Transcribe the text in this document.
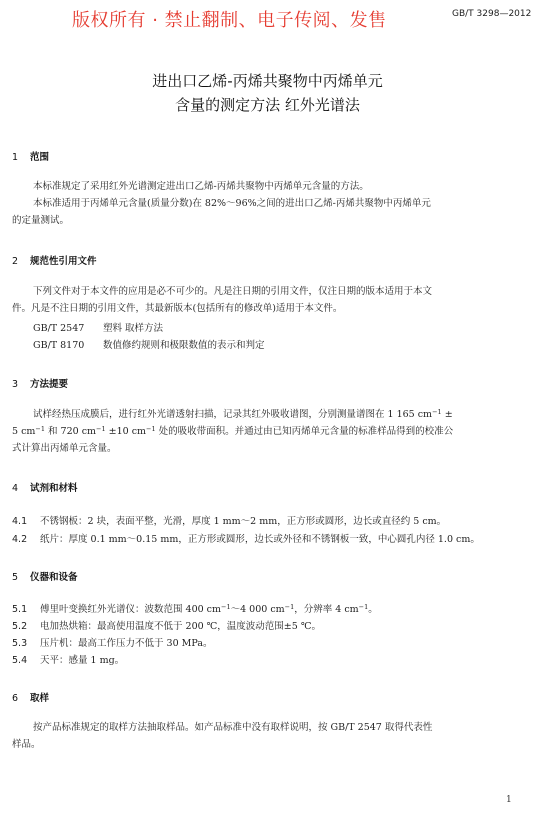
版权所有 · 禁止翻制、电子传阅、发售	GB/T 3298—2012
进出口乙烯-丙烯共聚物中丙烯单元
含量的测定方法 红外光谱法
1 范围
本标准规定了采用红外光谱测定进出口乙烯-丙烯共聚物中丙烯单元含量的方法。
本标准适用于丙烯单元含量(质量分数)在 82%～96%之间的进出口乙烯-丙烯共聚物中丙烯单元
的定量测试。
2 规范性引用文件
下列文件对于本文件的应用是必不可少的。凡是注日期的引用文件，仅注日期的版本适用于本文
件。凡是不注日期的引用文件，其最新版本(包括所有的修改单)适用于本文件。
GB/T 2547 塑料 取样方法
GB/T 8170 数值修约规则和极限数值的表示和判定
3 方法提要
试样经热压成膜后，进行红外光谱透射扫描，记录其红外吸收谱图，分别测量谱图在 1 165 $cm^{-1}$ ±
5 $cm^{-1}$ 和 720 $cm^{-1} \pm 10$ $cm^{-1}$ 处的吸收带面积。并通过由已知丙烯单元含量的标准样品得到的校准公
式计算出丙烯单元含量。
4 试剂和材料
4.1 不锈钢板：2 块，表面平整，光滑，厚度 1 mm～2 mm，正方形或圆形，边长或直径约 5 cm。
4.2 纸片：厚度 0.1 mm～0.15 mm，正方形或圆形，边长或外径和不锈钢板一致，中心圆孔内径 1.0 cm。
5 仪器和设备
5.1 傅里叶变换红外光谱仪：波数范围 400 $cm^{-1}\sim 4$ 000 $cm^{-1}$，分辨率 4 $cm^{-1}$。
5.2 电加热烘箱：最高使用温度不低于 200 ℃，温度波动范围±5 ℃。
5.3 压片机：最高工作压力不低于 30 MPa。
5.4 天平：感量 1 mg。
6 取样
按产品标准规定的取样方法抽取样品。如产品标准中没有取样说明，按 GB/T 2547 取得代表性
样品。
1
